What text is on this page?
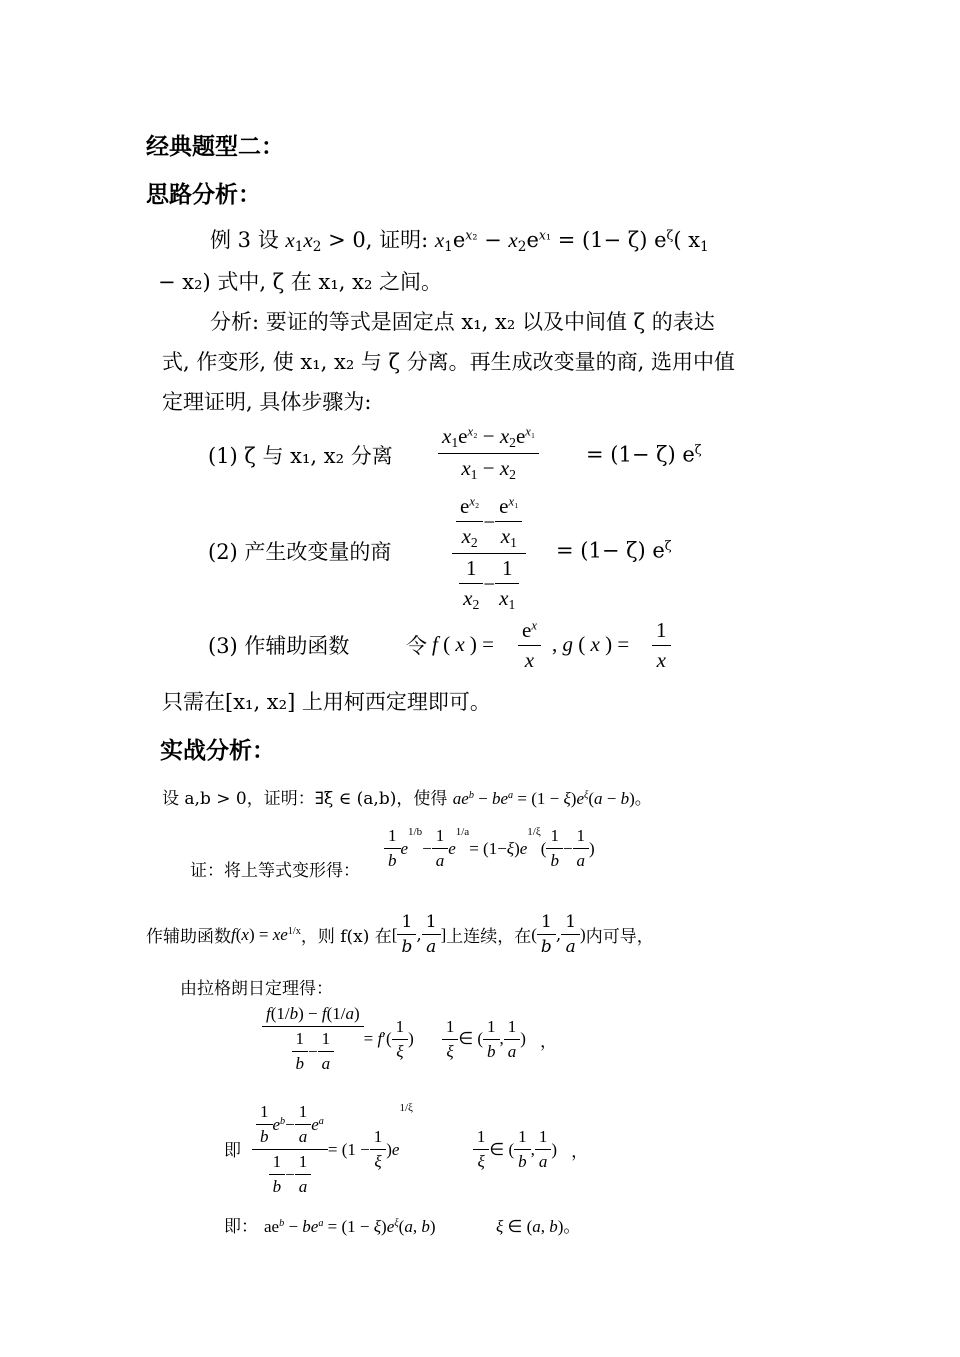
经典题型二：
思路分析：
例 3 设 $x_1x_2 > 0$, 证明: $x_1e^{x_2} - x_2e^{x_1} = (1- \zeta)$ $e^\zeta$( $x_1$
− x₂) 式中, ζ 在 x₁, x₂ 之间。
分析: 要证的等式是固定点 x₁, x₂ 以及中间值 ζ 的表达
式, 作变形, 使 x₁, x₂ 与 ζ 分离。再生成改变量的商, 选用中值
定理证明, 具体步骤为:
(1) ζ 与 x₁, x₂ 分离
$x_1e^{x_2} - x_2e^{x_1}$
$x_1 - x_2$
= (1− ζ) $e^\zeta$
(2) 产生改变量的商
$\frac{e^{x_2}}{x_2} - \frac{e^{x_1}}{x_1}$
$\frac{1}{x_2} - \frac{1}{x_1}$
= (1− ζ) $e^\zeta$
(3) 作辅助函数	令 f ( x ) =
$e^x$
x
, g ( x ) =
1
x
只需在[x₁, x₂] 上用柯西定理即可。
实战分析：
设 a,b > 0，证明：∃ξ ∈ (a,b)，使得 $ae^b - be^a = (1 - \xi)e^\xi(a - b)$。
证：将上等式变形得： $\frac{1}{b}$ e
1/b
− $\frac{1}{a}$ e
1/a
= (1−ξ)e
1/ξ
( $\frac{1}{b} - \frac{1}{a}$ )
作辅助函数 $f(x) = xe^{1/x}$ ，则 f(x) 在 [ $\frac{1}{b}$ , $\frac{1}{a}$ ] 上连续，在 ( $\frac{1}{b}$ , $\frac{1}{a}$ ) 内可导，
由拉格朗日定理得：
$\frac{f(1/b) - f(1/a)}{\frac{1}{b} - \frac{1}{a}} = f'( \frac{1}{\xi}$ ) $\frac{1}{\xi}$ ∈ ( $\frac{1}{b}$ , $\frac{1}{a}$ ) ，
即 $\frac{\frac{1}{b} e^b - \frac{1}{a} e^a}{\frac{1}{b} - \frac{1}{a}} = (1 - \frac{1}{\xi} )e$
1/ξ
$\frac{1}{\xi}$ ∈ ( $\frac{1}{b}$ , $\frac{1}{a}$ ) ，
即： $ae^b - be^a = (1 - \xi)e^\xi(a$, b)	ξ ∈ (a, b)。
